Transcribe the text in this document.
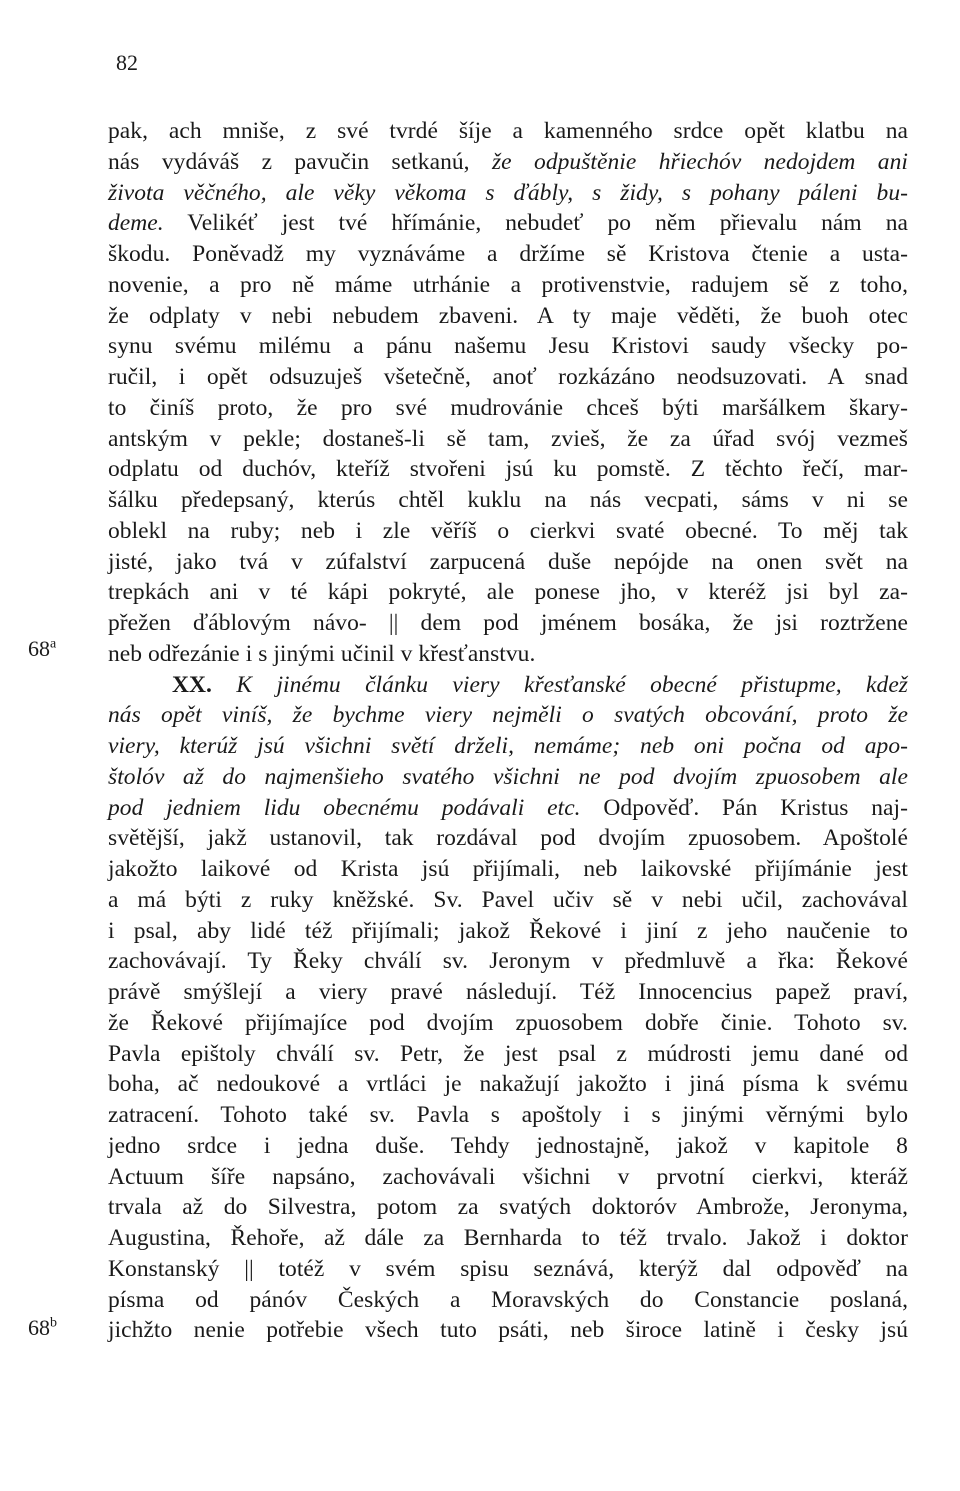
82
68$^a$
68$^b$
pak, ach mniše, z své tvrdé šíje a kamenného srdce opět klatbu na
nás vydáváš z pavučin setkanú, že odpuštěnie hřiechóv nedojdem ani
života věčného, ale věky věkoma s ďábly, s židy, s pohany páleni bu-
deme. Velikéť jest tvé hřímánie, nebudeť po něm přievalu nám na
škodu. Poněvadž my vyznáváme a držíme sě Kristova čtenie a usta-
novenie, a pro ně máme utrhánie a protivenstvie, radujem sě z toho,
že odplaty v nebi nebudem zbaveni. A ty maje věděti, že buoh otec
synu svému milému a pánu našemu Jesu Kristovi saudy všecky po-
ručil, i opět odsuzuješ všetečně, anoť rozkázáno neodsuzovati. A snad
to činíš proto, že pro své mudrovánie chceš býti maršálkem škary-
antským v pekle; dostaneš-li sě tam, zvieš, že za úřad svój vezmeš
odplatu od duchóv, kteříž stvořeni jsú ku pomstě. Z těchto řečí, mar-
šálku předepsaný, kterús chtěl kuklu na nás vecpati, sáms v ni se
oblekl na ruby; neb i zle věříš o cierkvi svaté obecné. To měj tak
jisté, jako tvá v zúfalství zarpucená duše nepójde na onen svět na
trepkách ani v té kápi pokryté, ale ponese jho, v kteréž jsi byl za-
přežen ďáblovým návo- || dem pod jménem bosáka, že jsi roztržene
neb odřezánie i s jinými učinil v křesťanstvu.
XX. K jinému článku viery křesťanské obecné přistupme, kdež
nás opět viníš, že bychme viery nejměli o svatých obcování, proto že
viery, kterúž jsú všichni světí drželi, nemáme; neb oni počna od apo-
štolóv až do najmenšieho svatého všichni ne pod dvojím zpuosobem ale
pod jedniem lidu obecnému podávali etc. Odpověď. Pán Kristus naj-
světější, jakž ustanovil, tak rozdával pod dvojím zpuosobem. Apoštolé
jakožto laikové od Krista jsú přijímali, neb laikovské přijímánie jest
a má býti z ruky kněžské. Sv. Pavel učiv sě v nebi učil, zachovával
i psal, aby lidé též přijímali; jakož Řekové i jiní z jeho naučenie to
zachovávají. Ty Řeky chválí sv. Jeronym v předmluvě a řka: Řekové
právě smýšlejí a viery pravé následují. Též Innocencius papež praví,
že Řekové přijímajíce pod dvojím zpuosobem dobře činie. Tohoto sv.
Pavla epištoly chválí sv. Petr, že jest psal z múdrosti jemu dané od
boha, ač nedoukové a vrtláci je nakažují jakožto i jiná písma k svému
zatracení. Tohoto také sv. Pavla s apoštoly i s jinými věrnými bylo
jedno srdce i jedna duše. Tehdy jednostajně, jakož v kapitole 8
Actuum šíře napsáno, zachovávali všichni v prvotní cierkvi, kteráž
trvala až do Silvestra, potom za svatých doktoróv Ambrože, Jeronyma,
Augustina, Řehoře, až dále za Bernharda to též trvalo. Jakož i doktor
Konstanský || totéž v svém spisu seznává, kterýž dal odpověď na
písma od pánóv Českých a Moravských do Constancie poslaná,
jichžto nenie potřebie všech tuto psáti, neb široce latině i česky jsú
